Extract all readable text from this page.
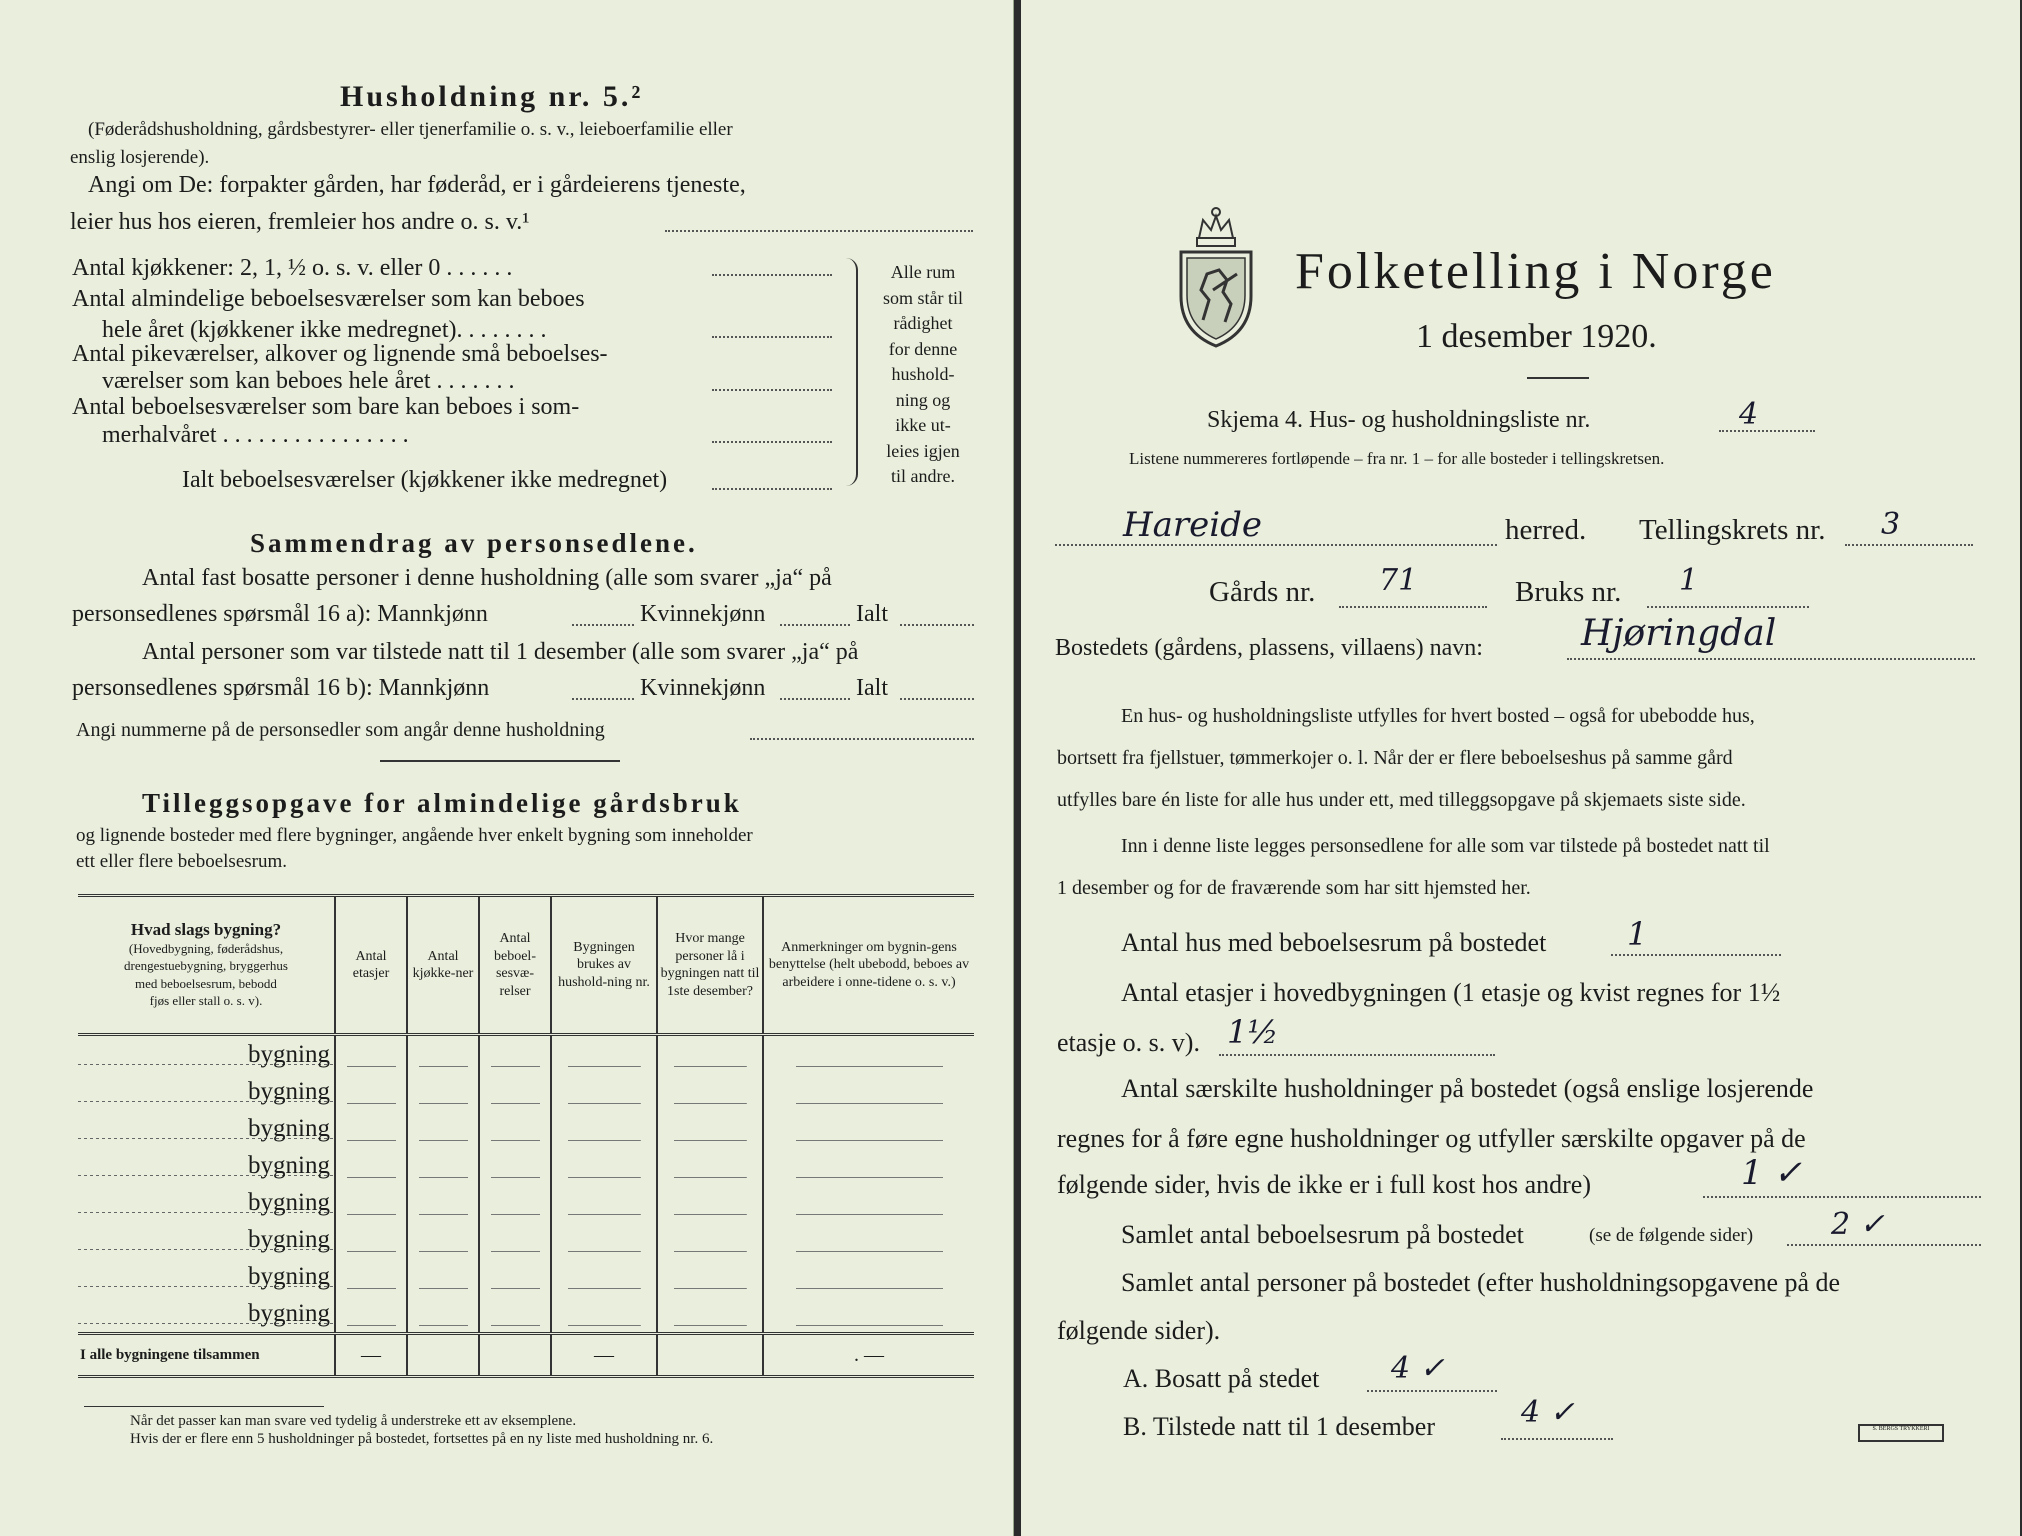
Husholdning nr. 5.²
(Føderådshusholdning, gårdsbestyrer- eller tjenerfamilie o. s. v., leieboerfamilie eller
enslig losjerende).
Angi om De: forpakter gården, har føderåd, er i gårdeierens tjeneste,
leier hus hos eieren, fremleier hos andre o. s. v.¹
Antal kjøkkener: 2, 1, ½ o. s. v. eller 0 . . . . . .
Antal almindelige beboelsesværelser som kan beboes
hele året (kjøkkener ikke medregnet). . . . . . . .
Antal pikeværelser, alkover og lignende små beboelses-
værelser som kan beboes hele året . . . . . . .
Antal beboelsesværelser som bare kan beboes i som-
merhalvåret . . . . . . . . . . . . . . . .
Ialt beboelsesværelser (kjøkkener ikke medregnet)
Alle rum
som står til
rådighet
for denne
hushold-
ning og
ikke ut-
leies igjen
til andre.
Sammendrag av personsedlene.
Antal fast bosatte personer i denne husholdning (alle som svarer „ja“ på
personsedlenes spørsmål 16 a): Mannkjønn	Kvinnekjønn	Ialt
Antal personer som var tilstede natt til 1 desember (alle som svarer „ja“ på
personsedlenes spørsmål 16 b): Mannkjønn	Kvinnekjønn	Ialt
Angi nummerne på de personsedler som angår denne husholdning
Tilleggsopgave for almindelige gårdsbruk
og lignende bosteder med flere bygninger, angående hver enkelt bygning som inneholder
ett eller flere beboelsesrum.
Hvad slags bygning?
(Hovedbygning, føderådshus,
drengestuebygning, bryggerhus
med beboelsesrum, bebodd
fjøs eller stall o. s. v).	Antal etasjer	Antal kjøkke-ner	Antal beboel-sesvæ-relser	Bygningen brukes av hushold-ning nr.	Hvor mange personer lå i bygningen natt til 1ste desember?	Anmerkninger om bygnin-gens benyttelse (helt ubebodd, beboes av arbeidere i onne-tidene o. s. v.)
bygning						
bygning						
bygning						
bygning						
bygning						
bygning						
bygning						
bygning						
I alle bygningene tilsammen	—			—		. —
Når det passer kan man svare ved tydelig å understreke ett av eksemplene.
Hvis der er flere enn 5 husholdninger på bostedet, fortsettes på en ny liste med husholdning nr. 6.
Folketelling i Norge
1 desember 1920.
Skjema 4. Hus- og husholdningsliste nr.	4
Listene nummereres fortløpende – fra nr. 1 – for alle bosteder i tellingskretsen.
Hareide	herred. Tellingskrets nr. 3
Gårds nr. 71	Bruks nr. 1
Bostedets (gårdens, plassens, villaens) navn:	Hjøringdal
En hus- og husholdningsliste utfylles for hvert bosted – også for ubebodde hus,
bortsett fra fjellstuer, tømmerkojer o. l. Når der er flere beboelseshus på samme gård
utfylles bare én liste for alle hus under ett, med tilleggsopgave på skjemaets siste side.
Inn i denne liste legges personsedlene for alle som var tilstede på bostedet natt til
1 desember og for de fraværende som har sitt hjemsted her.
Antal hus med beboelsesrum på bostedet	1
Antal etasjer i hovedbygningen (1 etasje og kvist regnes for 1½
etasje o. s. v). 1½
Antal særskilte husholdninger på bostedet (også enslige losjerende
regnes for å føre egne husholdninger og utfyller særskilte opgaver på de
følgende sider, hvis de ikke er i full kost hos andre)	1 ✓
Samlet antal beboelsesrum på bostedet	(se de følgende sider)	2 ✓
Samlet antal personer på bostedet (efter husholdningsopgavene på de
følgende sider).
A. Bosatt på stedet 4 ✓
B. Tilstede natt til 1 desember	4 ✓	S. BERGS TRYKKERI
